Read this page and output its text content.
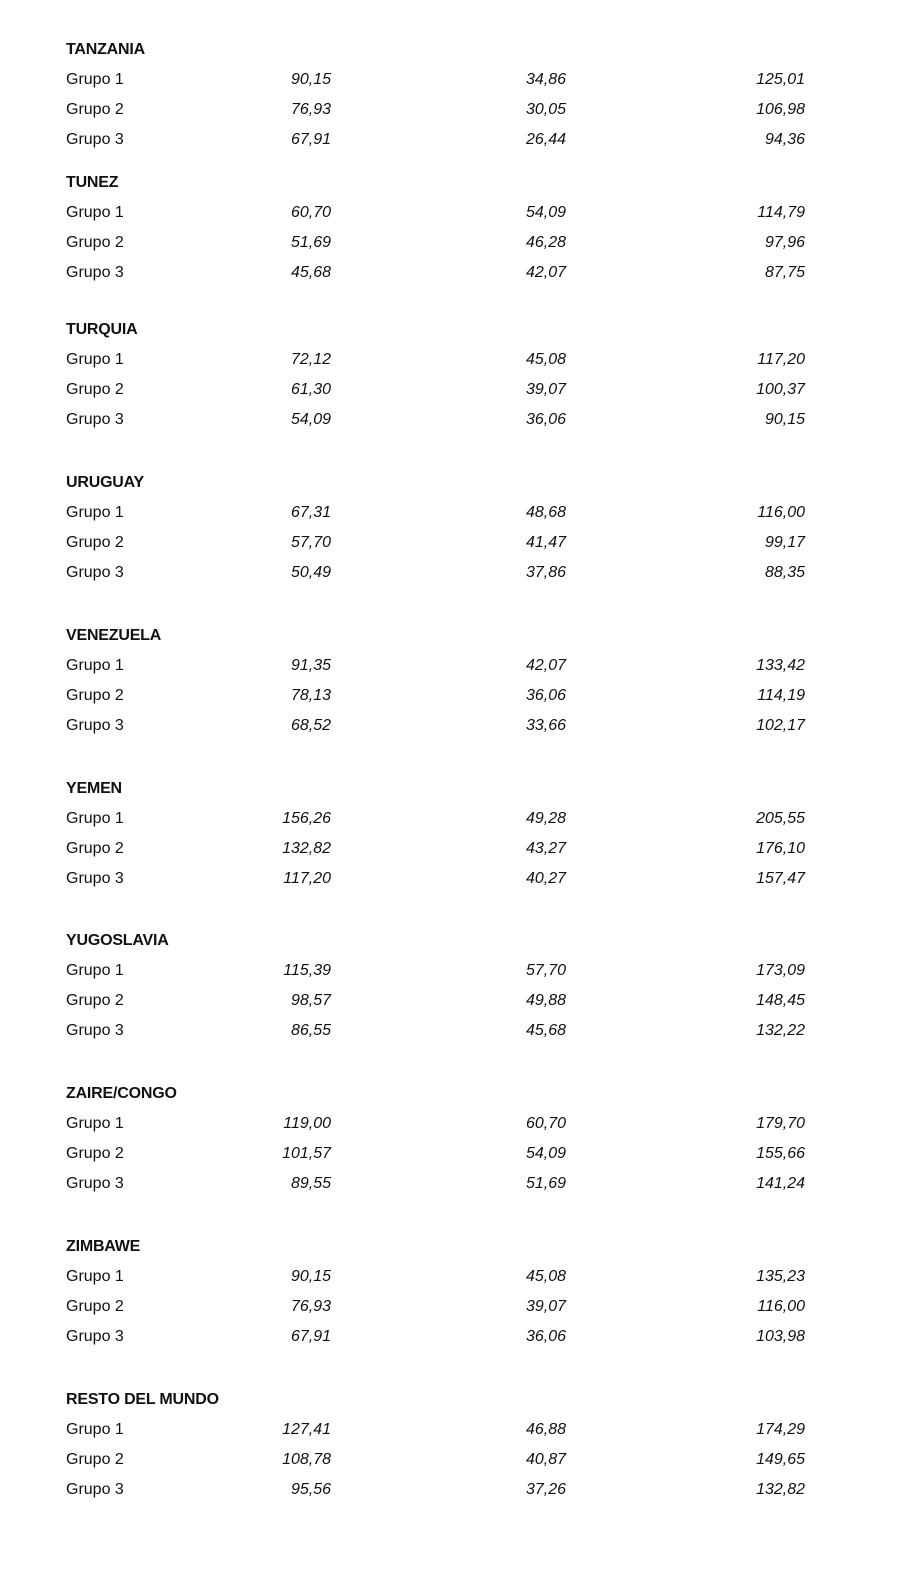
TANZANIA
Grupo 1	90,15	34,86	125,01
Grupo 2	76,93	30,05	106,98
Grupo 3	67,91	26,44	94,36
TUNEZ
Grupo 1	60,70	54,09	114,79
Grupo 2	51,69	46,28	97,96
Grupo 3	45,68	42,07	87,75
TURQUIA
Grupo 1	72,12	45,08	117,20
Grupo 2	61,30	39,07	100,37
Grupo 3	54,09	36,06	90,15
URUGUAY
Grupo 1	67,31	48,68	116,00
Grupo 2	57,70	41,47	99,17
Grupo 3	50,49	37,86	88,35
VENEZUELA
Grupo 1	91,35	42,07	133,42
Grupo 2	78,13	36,06	114,19
Grupo 3	68,52	33,66	102,17
YEMEN
Grupo 1	156,26	49,28	205,55
Grupo 2	132,82	43,27	176,10
Grupo 3	117,20	40,27	157,47
YUGOSLAVIA
Grupo 1	115,39	57,70	173,09
Grupo 2	98,57	49,88	148,45
Grupo 3	86,55	45,68	132,22
ZAIRE/CONGO
Grupo 1	119,00	60,70	179,70
Grupo 2	101,57	54,09	155,66
Grupo 3	89,55	51,69	141,24
ZIMBAWE
Grupo 1	90,15	45,08	135,23
Grupo 2	76,93	39,07	116,00
Grupo 3	67,91	36,06	103,98
RESTO DEL MUNDO
Grupo 1	127,41	46,88	174,29
Grupo 2	108,78	40,87	149,65
Grupo 3	95,56	37,26	132,82
